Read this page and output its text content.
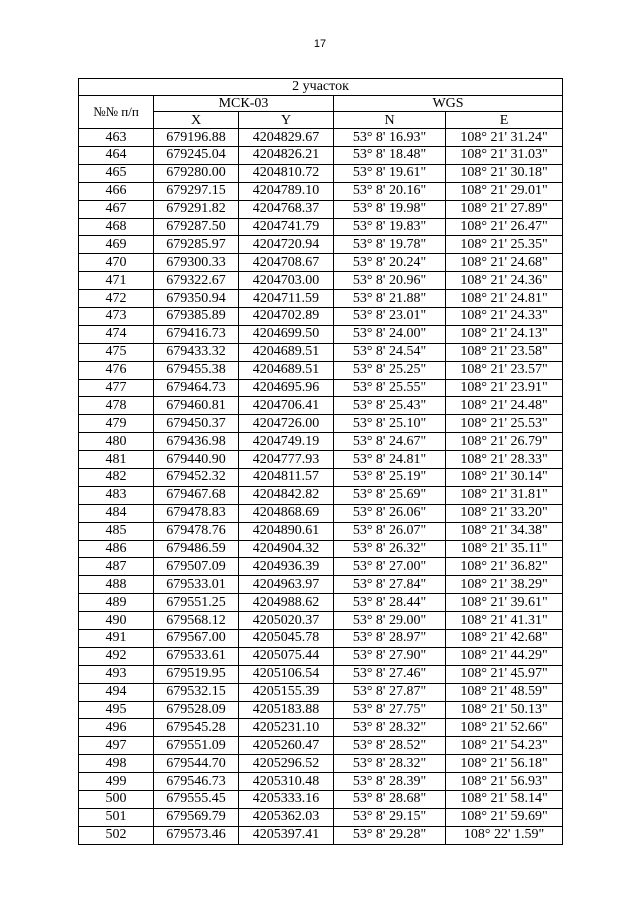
17
2 участок				
№№ п/п	МСК-03		WGS	
	X	Y	N	E
463	679196.88	4204829.67	53° 8' 16.93"	108° 21' 31.24"
464	679245.04	4204826.21	53° 8' 18.48"	108° 21' 31.03"
465	679280.00	4204810.72	53° 8' 19.61"	108° 21' 30.18"
466	679297.15	4204789.10	53° 8' 20.16"	108° 21' 29.01"
467	679291.82	4204768.37	53° 8' 19.98"	108° 21' 27.89"
468	679287.50	4204741.79	53° 8' 19.83"	108° 21' 26.47"
469	679285.97	4204720.94	53° 8' 19.78"	108° 21' 25.35"
470	679300.33	4204708.67	53° 8' 20.24"	108° 21' 24.68"
471	679322.67	4204703.00	53° 8' 20.96"	108° 21' 24.36"
472	679350.94	4204711.59	53° 8' 21.88"	108° 21' 24.81"
473	679385.89	4204702.89	53° 8' 23.01"	108° 21' 24.33"
474	679416.73	4204699.50	53° 8' 24.00"	108° 21' 24.13"
475	679433.32	4204689.51	53° 8' 24.54"	108° 21' 23.58"
476	679455.38	4204689.51	53° 8' 25.25"	108° 21' 23.57"
477	679464.73	4204695.96	53° 8' 25.55"	108° 21' 23.91"
478	679460.81	4204706.41	53° 8' 25.43"	108° 21' 24.48"
479	679450.37	4204726.00	53° 8' 25.10"	108° 21' 25.53"
480	679436.98	4204749.19	53° 8' 24.67"	108° 21' 26.79"
481	679440.90	4204777.93	53° 8' 24.81"	108° 21' 28.33"
482	679452.32	4204811.57	53° 8' 25.19"	108° 21' 30.14"
483	679467.68	4204842.82	53° 8' 25.69"	108° 21' 31.81"
484	679478.83	4204868.69	53° 8' 26.06"	108° 21' 33.20"
485	679478.76	4204890.61	53° 8' 26.07"	108° 21' 34.38"
486	679486.59	4204904.32	53° 8' 26.32"	108° 21' 35.11"
487	679507.09	4204936.39	53° 8' 27.00"	108° 21' 36.82"
488	679533.01	4204963.97	53° 8' 27.84"	108° 21' 38.29"
489	679551.25	4204988.62	53° 8' 28.44"	108° 21' 39.61"
490	679568.12	4205020.37	53° 8' 29.00"	108° 21' 41.31"
491	679567.00	4205045.78	53° 8' 28.97"	108° 21' 42.68"
492	679533.61	4205075.44	53° 8' 27.90"	108° 21' 44.29"
493	679519.95	4205106.54	53° 8' 27.46"	108° 21' 45.97"
494	679532.15	4205155.39	53° 8' 27.87"	108° 21' 48.59"
495	679528.09	4205183.88	53° 8' 27.75"	108° 21' 50.13"
496	679545.28	4205231.10	53° 8' 28.32"	108° 21' 52.66"
497	679551.09	4205260.47	53° 8' 28.52"	108° 21' 54.23"
498	679544.70	4205296.52	53° 8' 28.32"	108° 21' 56.18"
499	679546.73	4205310.48	53° 8' 28.39"	108° 21' 56.93"
500	679555.45	4205333.16	53° 8' 28.68"	108° 21' 58.14"
501	679569.79	4205362.03	53° 8' 29.15"	108° 21' 59.69"
502	679573.46	4205397.41	53° 8' 29.28"	108° 22' 1.59"
